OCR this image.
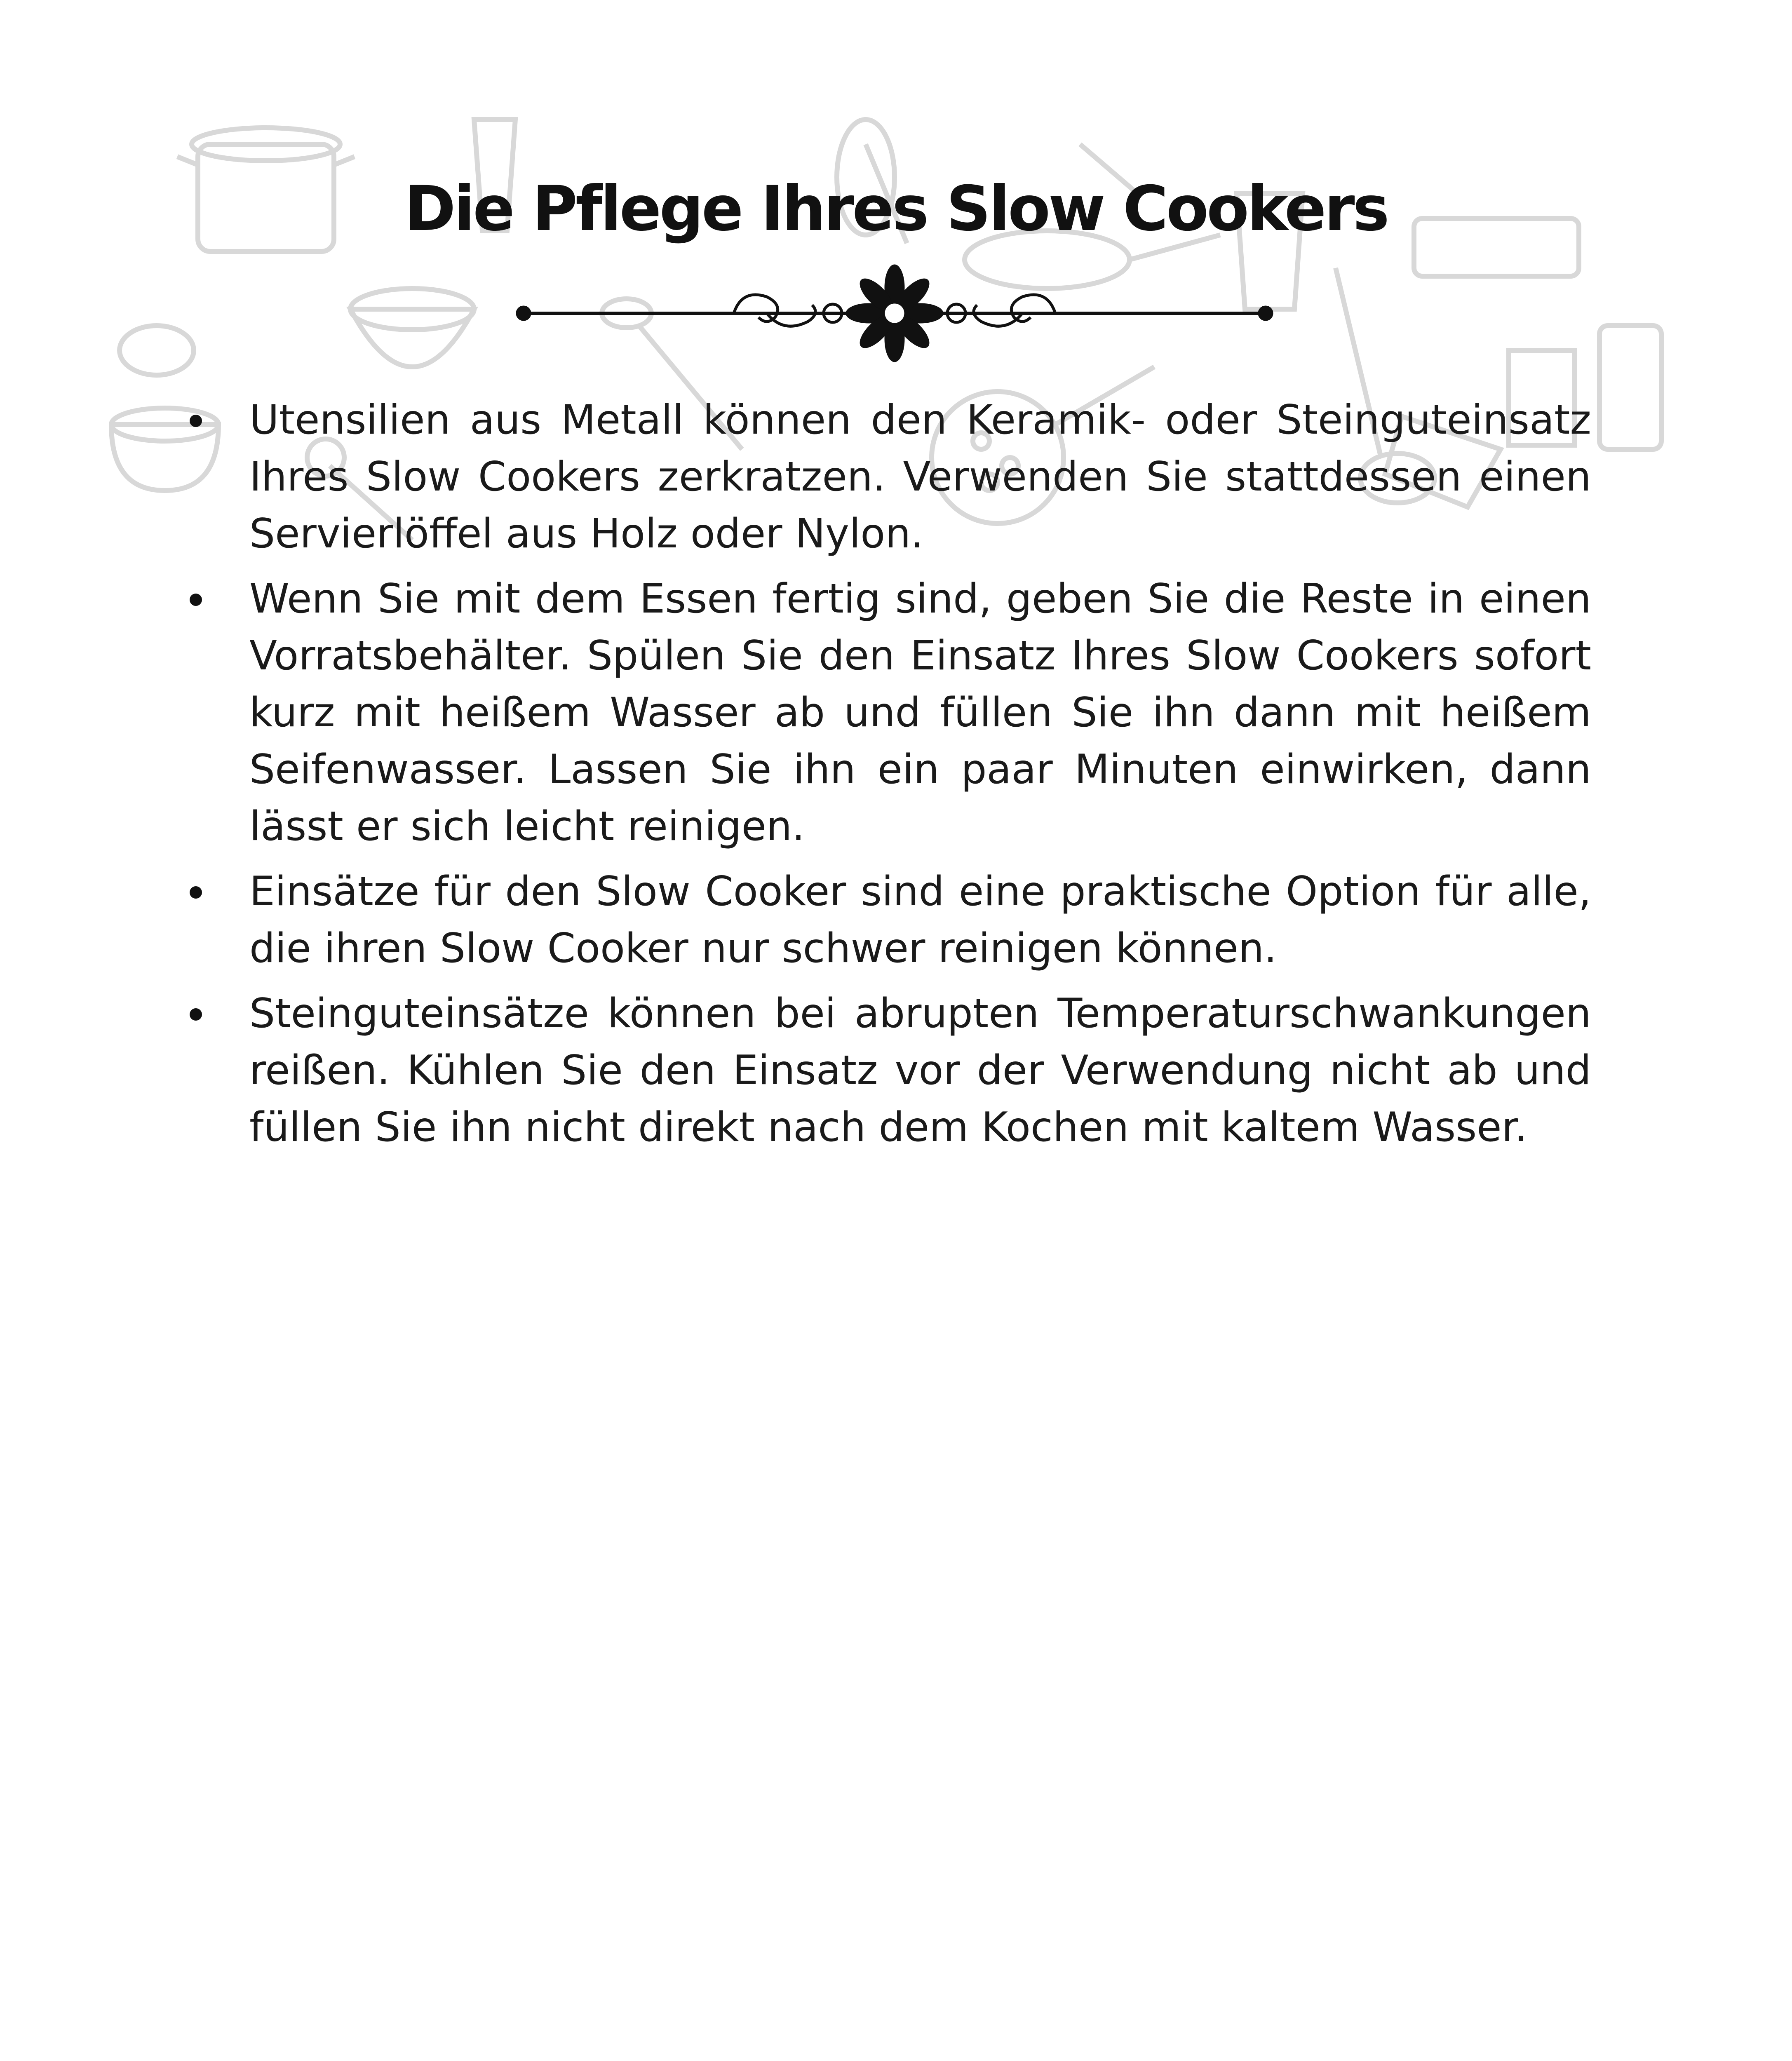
Die Pflege Ihres Slow Cookers
Utensilien aus Metall können den Keramik- oder Steinguteinsatz Ihres Slow Cookers zerkratzen. Verwenden Sie stattdessen einen Servierlöffel aus Holz oder Nylon.
Wenn Sie mit dem Essen fertig sind, geben Sie die Reste in einen Vorratsbehälter. Spülen Sie den Einsatz Ihres Slow Cookers sofort kurz mit heißem Wasser ab und füllen Sie ihn dann mit heißem Seifenwasser. Lassen Sie ihn ein paar Minuten einwirken, dann lässt er sich leicht reinigen.
Einsätze für den Slow Cooker sind eine praktische Option für alle, die ihren Slow Cooker nur schwer reinigen können.
Steinguteinsätze können bei abrupten Temperaturschwankungen reißen. Kühlen Sie den Einsatz vor der Verwendung nicht ab und füllen Sie ihn nicht direkt nach dem Kochen mit kaltem Wasser.
